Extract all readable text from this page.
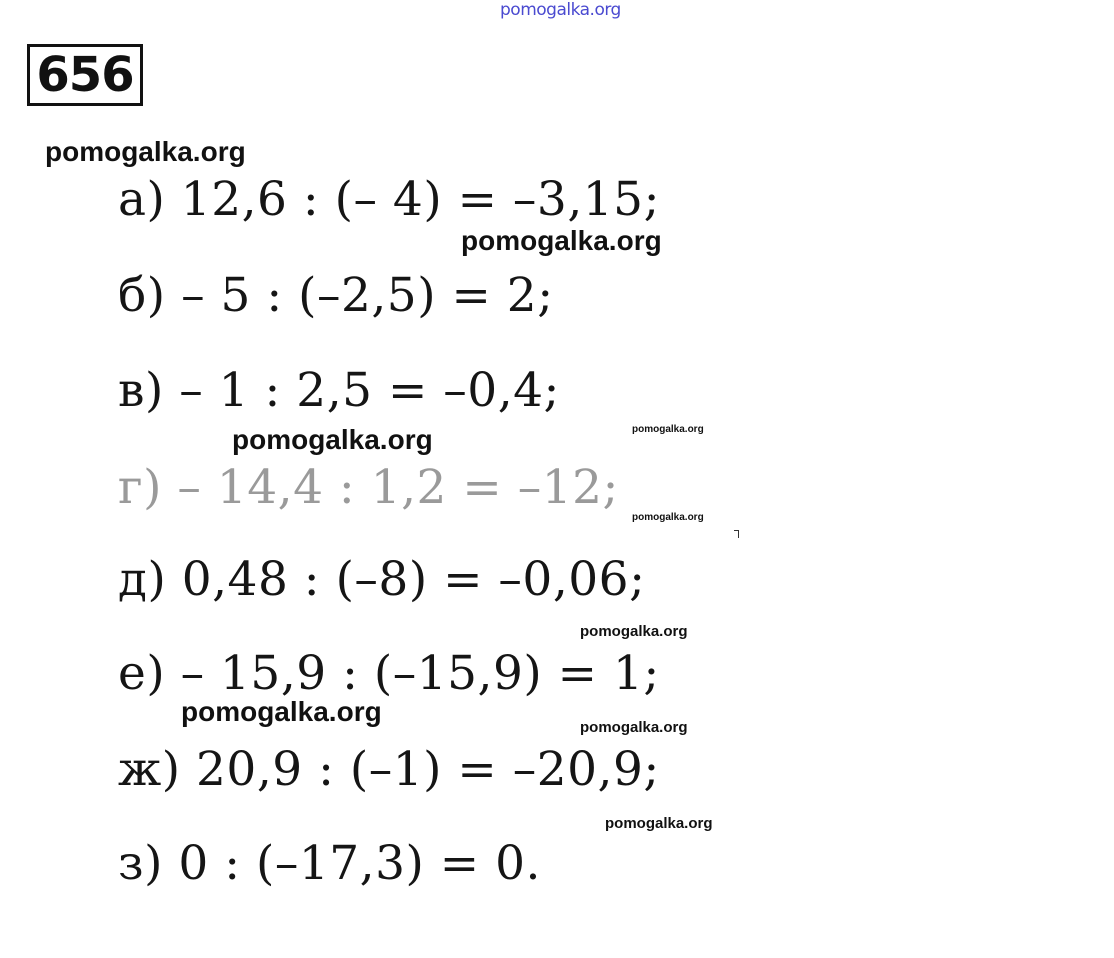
pomogalka.org
pomogalka.org
pomogalka.org
pomogalka.org	pomogalka.org
pomogalka.org
pomogalka.org
pomogalka.org
pomogalka.org
pomogalka.org
656
а) 12,6 : (– 4) = –3,15;
б) – 5 : (–2,5) = 2;
в) – 1 : 2,5 = –0,4;
г) – 14,4 : 1,2 = –12;
д) 0,48 : (–8) = –0,06;
е) – 15,9 : (–15,9) = 1;
ж) 20,9 : (–1) = –20,9;
з) 0 : (–17,3) = 0.
